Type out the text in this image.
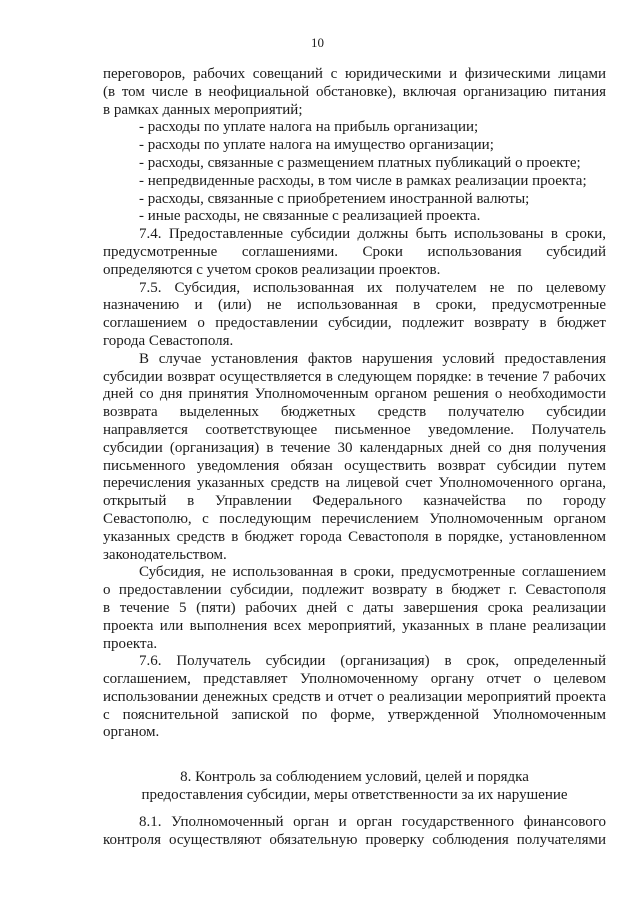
10

переговоров, рабочих совещаний с юридическими и физическими лицами

(в том числе в неофициальной обстановке), включая организацию питания

в рамках данных мероприятий;

- расходы по уплате налога на прибыль организации;

- расходы по уплате налога на имущество организации;

- расходы, связанные с размещением платных публикаций о проекте;

- непредвиденные расходы, в том числе в рамках реализации проекта;

- расходы, связанные с приобретением иностранной валюты;

- иные расходы, не связанные с реализацией проекта.

7.4. Предоставленные субсидии должны быть использованы в сроки,

предусмотренные соглашениями. Сроки использования субсидий

определяются с учетом сроков реализации проектов.

7.5. Субсидия, использованная их получателем не по целевому

назначению и (или) не использованная в сроки, предусмотренные

соглашением о предоставлении субсидии, подлежит возврату в бюджет

города Севастополя.

В случае установления фактов нарушения условий предоставления

субсидии возврат осуществляется в следующем порядке: в течение 7 рабочих

дней со дня принятия Уполномоченным органом решения о необходимости

возврата выделенных бюджетных средств получателю субсидии

направляется соответствующее письменное уведомление. Получатель

субсидии (организация) в течение 30 календарных дней со дня получения

письменного уведомления обязан осуществить возврат субсидии путем

перечисления указанных средств на лицевой счет Уполномоченного органа,

открытый в Управлении Федерального казначейства по городу

Севастополю, с последующим перечислением Уполномоченным органом

указанных средств в бюджет города Севастополя в порядке, установленном

законодательством.

Субсидия, не использованная в сроки, предусмотренные соглашением

о предоставлении субсидии, подлежит возврату в бюджет г. Севастополя

в течение 5 (пяти) рабочих дней с даты завершения срока реализации

проекта или выполнения всех мероприятий, указанных в плане реализации

проекта.

7.6. Получатель субсидии (организация) в срок, определенный

соглашением, представляет Уполномоченному органу отчет о целевом

использовании денежных средств и отчет о реализации мероприятий проекта

с пояснительной запиской по форме, утвержденной Уполномоченным

органом.

8. Контроль за соблюдением условий, целей и порядка

предоставления субсидии, меры ответственности за их нарушение

8.1. Уполномоченный орган и орган государственного финансового

контроля осуществляют обязательную проверку соблюдения получателями
